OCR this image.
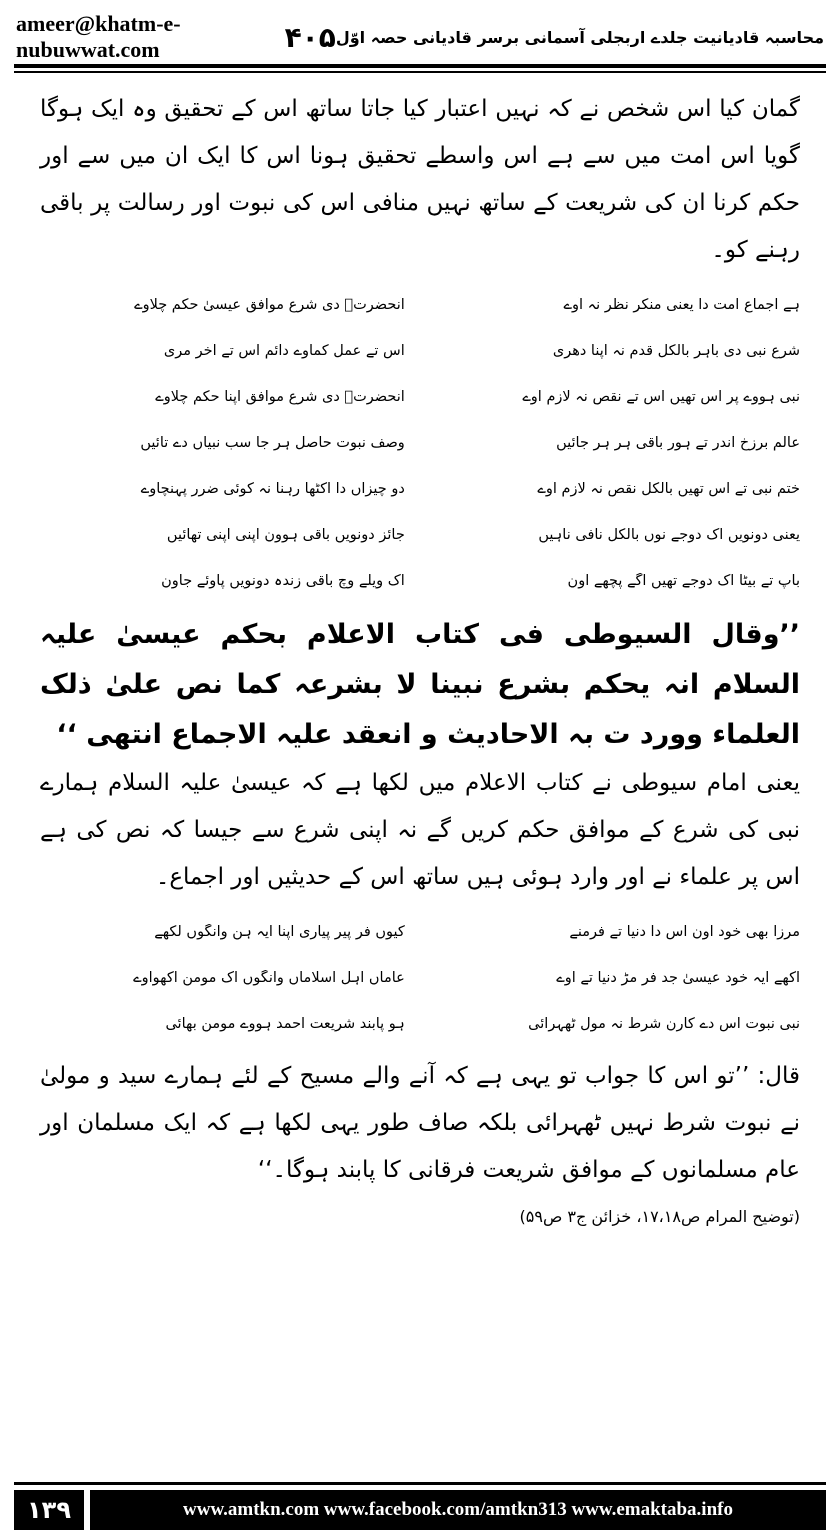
ameer@khatm-e-nubuwwat.com	۴۰۵ محاسبہ قادیانیت جلدے اربجلی آسمانی برسر قادیانی حصہ اوّل

گمان کیا اس شخص نے کہ نہیں اعتبار کیا جاتا ساتھ اس کے تحقیق وہ ایک ہوگا گویا اس امت میں سے ہے اس واسطے تحقیق ہونا اس کا ایک ان میں سے اور حکم کرنا ان کی شریعت کے ساتھ نہیں منافی اس کی نبوت اور رسالت پر باقی رہنے کو۔

ہے اجماع امت دا یعنی منکر نظر نہ آوے
آنحضرتؐ دی شرع موافق عیسیٰ حکم چلاوے
شرع نبی دی باہر بالکل قدم نہ اپنا دھری
اس تے عمل کماوے دائم اس تے آخر مری
نبی ہووے پر اس تھیں اس تے نقص نہ لازم آوے
آنحضرتؐ دی شرع موافق اپنا حکم چلاوے
عالم برزخ اندر تے ہور باقی ہر ہر جائیں
وصف نبوت حاصل ہر جا سب نبیاں دے تائیں
ختم نبی تے اس تھیں بالکل نقص نہ لازم آوے
دو چیزاں دا اکٹھا رہنا نہ کوئی ضرر پہنچاوے
یعنی دونویں اک دوجے نوں بالکل نافی ناہیں
جائز دونویں باقی ہوون اپنی اپنی تھائیں
باپ تے بیٹا اک دوجے تھیں اگے پچھے آون
اک ویلے وچ باقی زندہ دونویں پاوئے جاون

’’وقال السیوطی فی کتاب الاعلام بحکم عیسیٰ علیہ السلام انہ یحکم بشرع نبینا لا بشرعہ کما نص علیٰ ذلک العلماء وورد ت بہ الاحادیث و انعقد علیہ الاجماع انتھی ‘‘

یعنی امام سیوطی نے کتاب الاعلام میں لکھا ہے کہ عیسیٰ علیہ السلام ہمارے نبی کی شرع کے موافق حکم کریں گے نہ اپنی شرع سے جیسا کہ نص کی ہے اس پر علماء نے اور وارد ہوئی ہیں ساتھ اس کے حدیثیں اور اجماع۔

مرزا بھی خود آون اس دا دنیا تے فرمنے
کیوں فر پیر پیاری اپنا ایہ ہن وانگوں لکھے
آکھے ایہ خود عیسیٰ جد فر مڑ دنیا تے آوے
عاماں اہل اسلاماں وانگوں اک مومن اکھواوے
نبی نبوت اس دے کارن شرط نہ مول ٹھہرائی
ہو پابند شریعت احمد ہووے مومن بھائی

قال: ’’تو اس کا جواب تو یہی ہے کہ آنے والے مسیح کے لئے ہمارے سید و مولیٰ نے نبوت شرط نہیں ٹھہرائی بلکہ صاف طور یہی لکھا ہے کہ ایک مسلمان اور عام مسلمانوں کے موافق شریعت فرقانی کا پابند ہوگا۔‘‘

(توضیح المرام ص۱۷،۱۸، خزائن ج۳ ص۵۹)
۱۳۹	www.amtkn.com www.facebook.com/amtkn313 www.emaktaba.info
